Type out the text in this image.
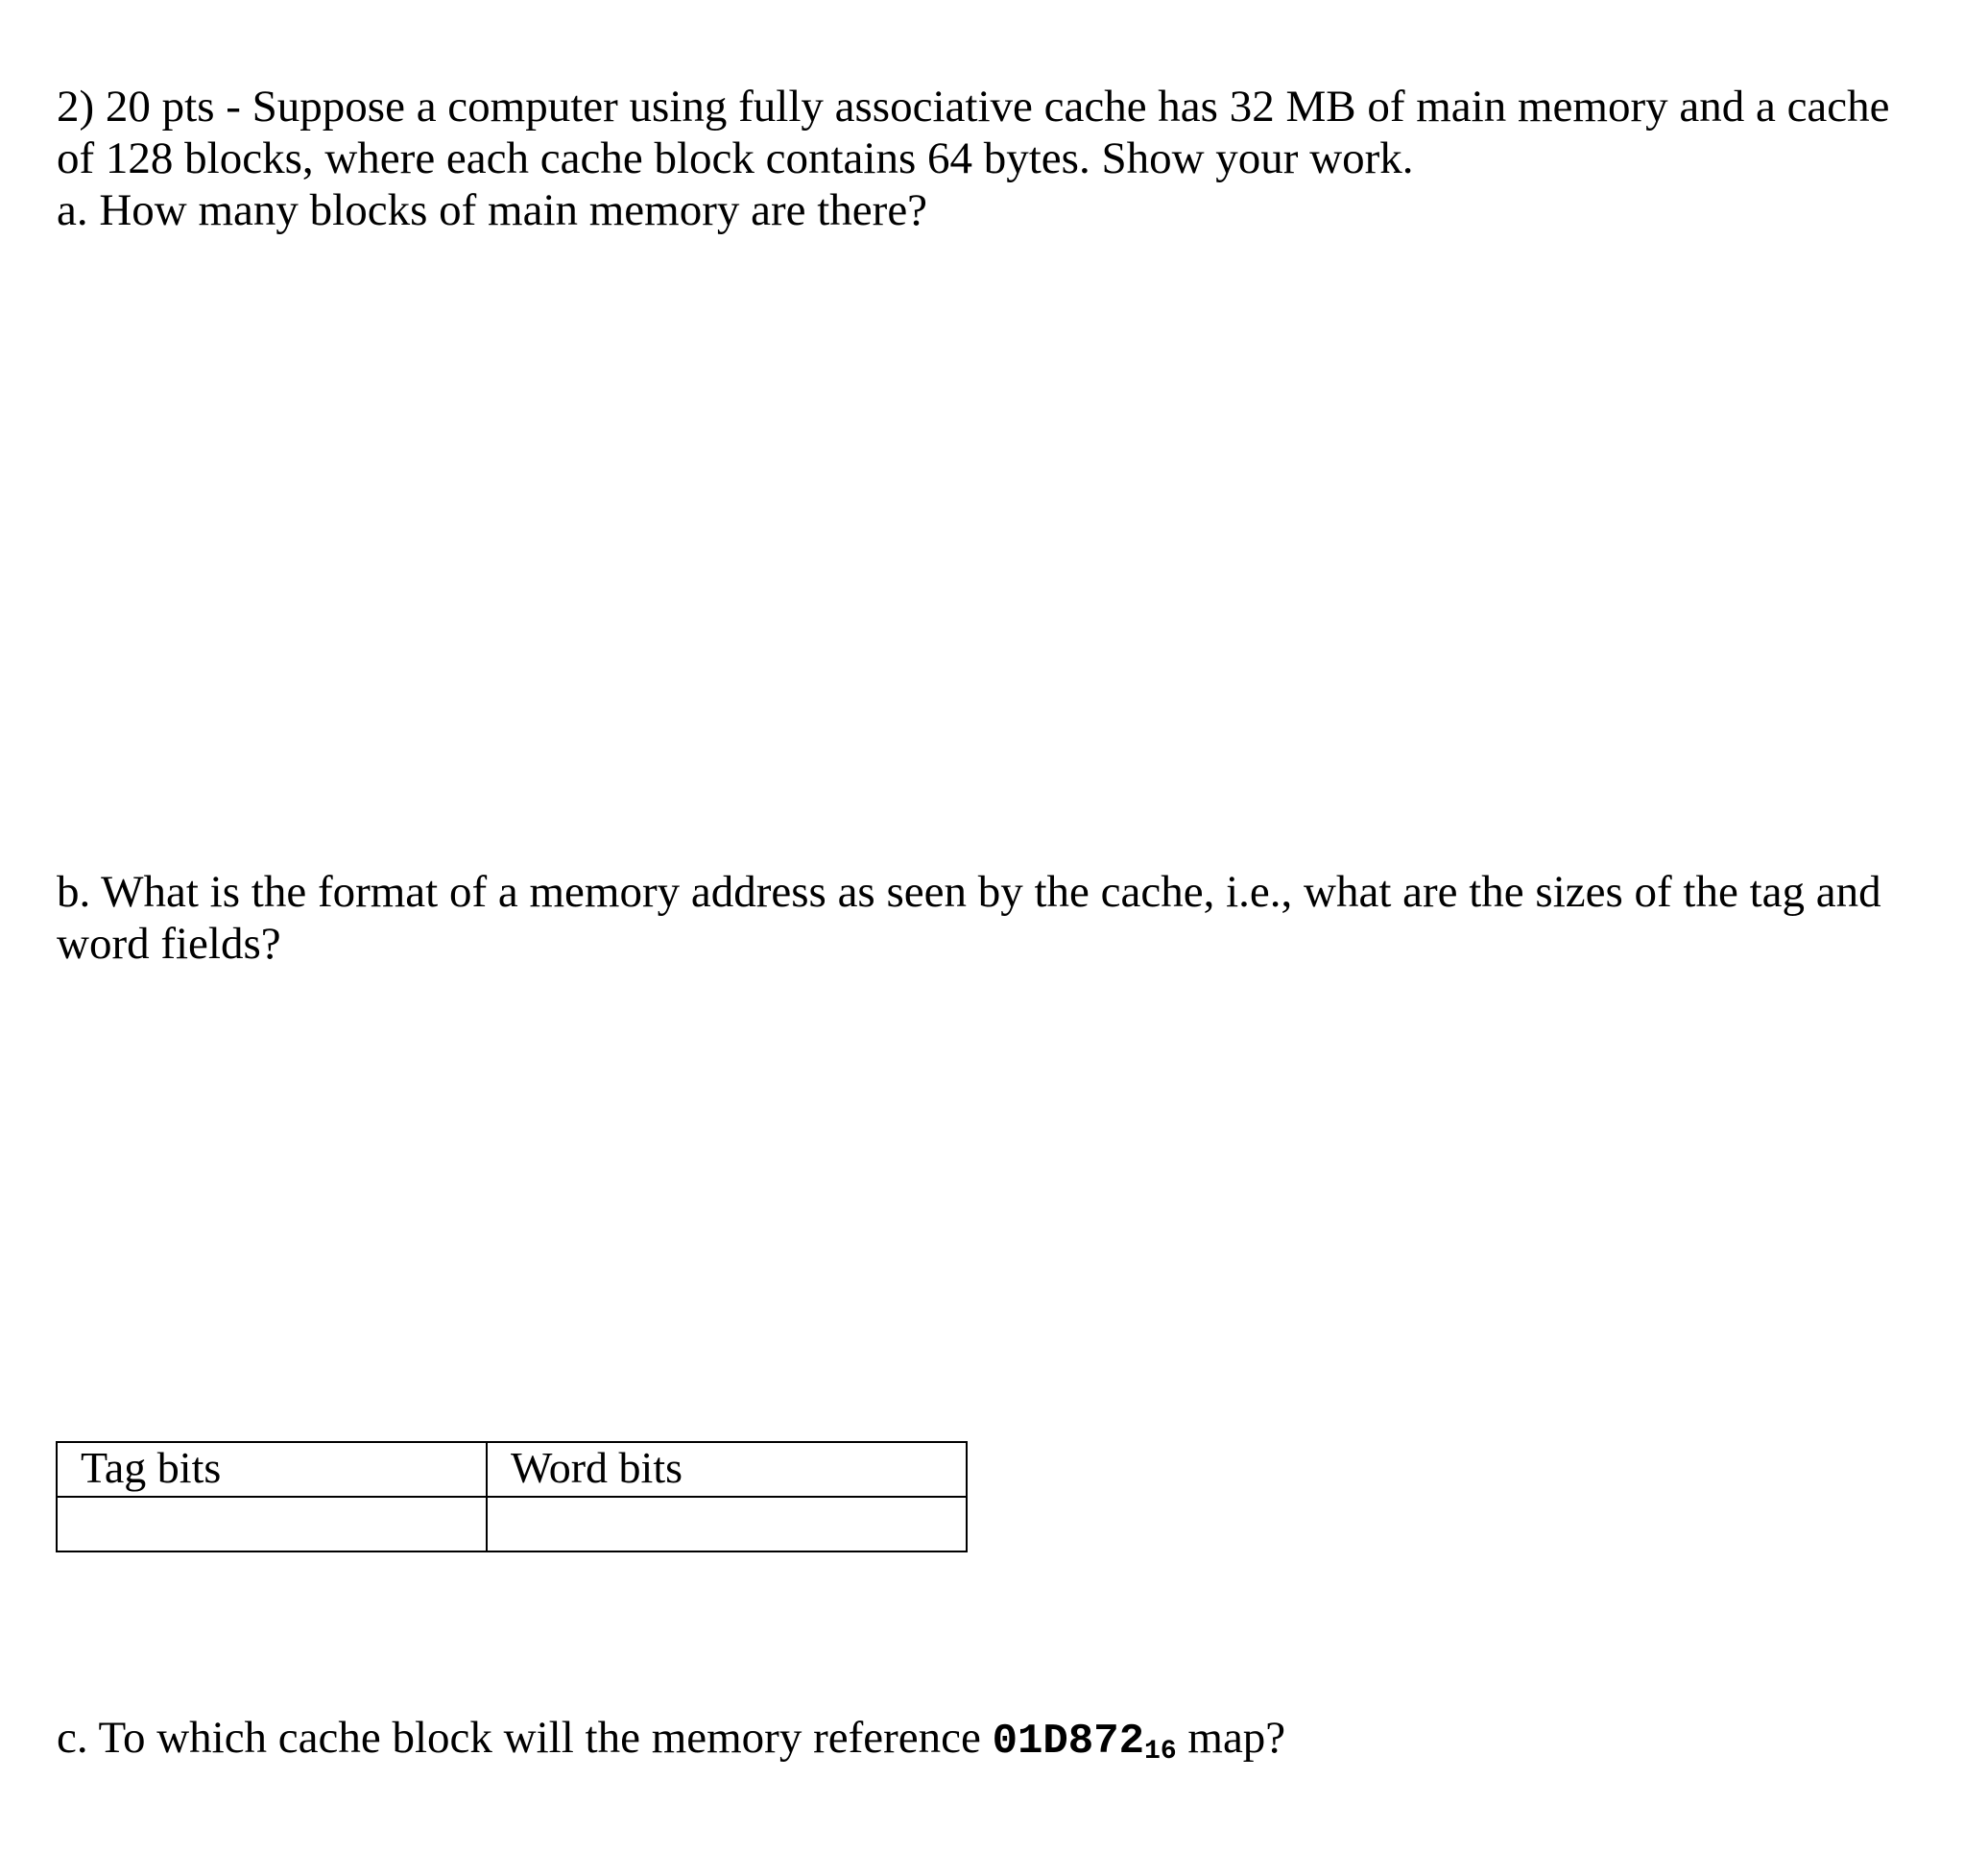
2) 20 pts - Suppose a computer using fully associative cache has 32 MB of main memory and a cache
of 128 blocks, where each cache block contains 64 bytes. Show your work.
a. How many blocks of main memory are there?
b. What is the format of a memory address as seen by the cache, i.e., what are the sizes of the tag and
word fields?
Tag bits	Word bits

c. To which cache block will the memory reference $01D872_{16}$ map?
